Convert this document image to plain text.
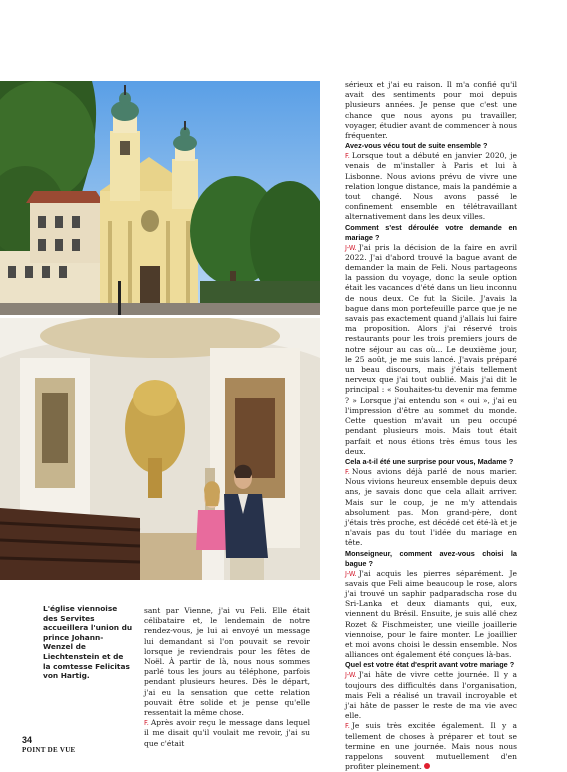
L'église viennoise des Servites accueillera l'union du prince Johann-Wenzel de Liechtenstein et de la comtesse Felicitas von Hartig.

sant par Vienne, j'ai vu Feli. Elle était célibataire et, le lendemain de notre rendez-vous, je lui ai envoyé un message lui demandant si l'on pouvait se revoir lorsque je reviendrais pour les fêtes de Noël. À partir de là, nous nous sommes parlé tous les jours au téléphone, parfois pendant plusieurs heures. Dès le départ, j'ai eu la sensation que cette relation pouvait être solide et je pense qu'elle ressentait la même chose.

F. Après avoir reçu le message dans lequel il me disait qu'il voulait me revoir, j'ai su que c'était

sérieux et j'ai eu raison. Il m'a confié qu'il avait des sentiments pour moi depuis plusieurs années. Je pense que c'est une chance que nous ayons pu travailler, voyager, étudier avant de commencer à nous fréquenter.

Avez-vous vécu tout de suite ensemble ?

F. Lorsque tout a débuté en janvier 2020, je venais de m'installer à Paris et lui à Lisbonne. Nous avions prévu de vivre une relation longue distance, mais la pandémie a tout changé. Nous avons passé le confinement ensemble en télétravaillant alternativement dans les deux villes.

Comment s'est déroulée votre demande en mariage ?

J-W. J'ai pris la décision de la faire en avril 2022. J'ai d'abord trouvé la bague avant de demander la main de Feli. Nous partageons la passion du voyage, donc la seule option était les vacances d'été dans un lieu inconnu de nous deux. Ce fut la Sicile. J'avais la bague dans mon portefeuille parce que je ne savais pas exactement quand j'allais lui faire ma proposition. Alors j'ai réservé trois restaurants pour les trois premiers jours de notre séjour au cas où... Le deuxième jour, le 25 août, je me suis lancé. J'avais préparé un beau discours, mais j'étais tellement nerveux que j'ai tout oublié. Mais j'ai dit le principal : « Souhaites-tu devenir ma femme ? » Lorsque j'ai entendu son « oui », j'ai eu l'impression d'être au sommet du monde. Cette question m'avait un peu occupé pendant plusieurs mois. Mais tout était parfait et nous étions très émus tous les deux.

Cela a-t-il été une surprise pour vous, Madame ?

F. Nous avions déjà parlé de nous marier. Nous vivions heureux ensemble depuis deux ans, je savais donc que cela allait arriver. Mais sur le coup, je ne m'y attendais absolument pas. Mon grand-père, dont j'étais très proche, est décédé cet été-là et je n'avais pas du tout l'idée du mariage en tête.

Monseigneur, comment avez-vous choisi la bague ?

J-W. J'ai acquis les pierres séparément. Je savais que Feli aime beaucoup le rose, alors j'ai trouvé un saphir padparadscha rose du Sri-Lanka et deux diamants qui, eux, viennent du Brésil. Ensuite, je suis allé chez Rozet & Fischmeister, une vieille joaillerie viennoise, pour le faire monter. Le joaillier et moi avons choisi le dessin ensemble. Nos alliances ont également été conçues là-bas.

Quel est votre état d'esprit avant votre mariage ?

J-W. J'ai hâte de vivre cette journée. Il y a toujours des difficultés dans l'organisation, mais Feli a réalisé un travail incroyable et j'ai hâte de passer le reste de ma vie avec elle.

F. Je suis très excitée également. Il y a tellement de choses à préparer et tout se termine en une journée. Mais nous nous rappelons souvent mutuellement d'en profiter pleinement.

34
POINT DE VUE
